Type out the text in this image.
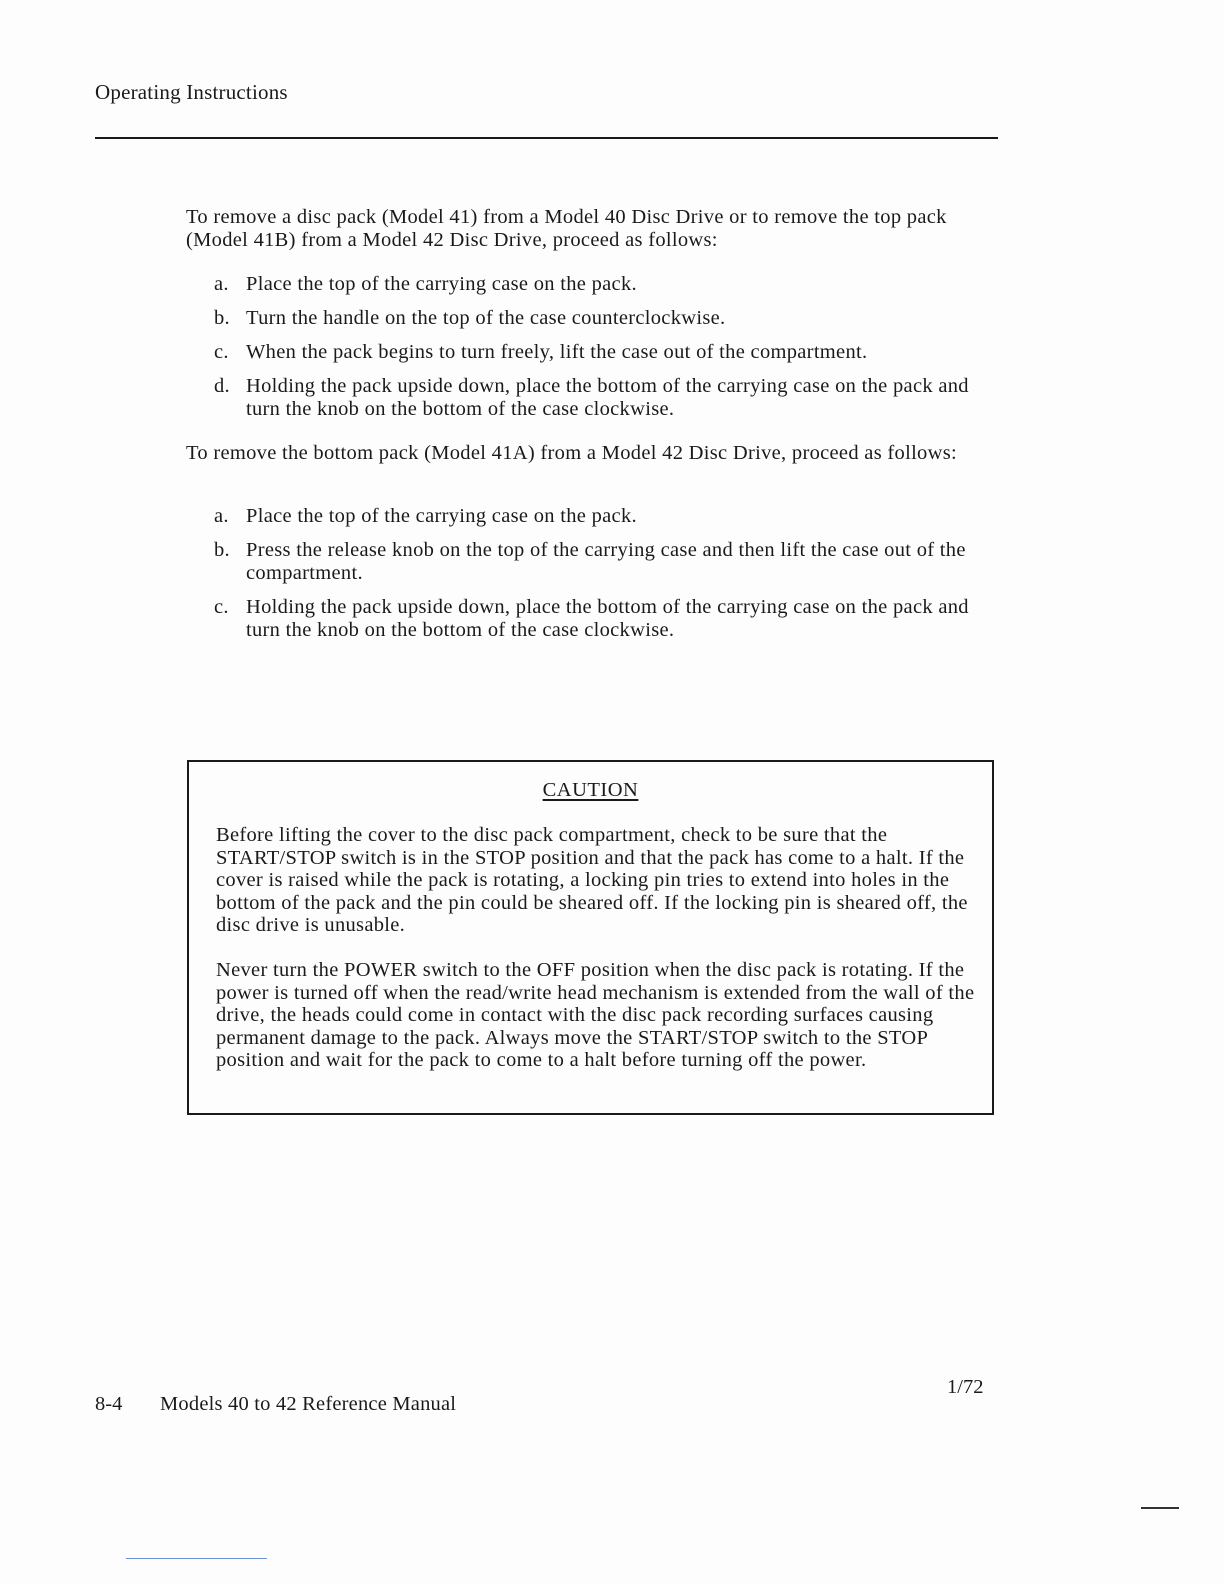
Operating Instructions

To remove a disc pack (Model 41) from a Model 40 Disc Drive or to remove the top pack (Model 41B) from a Model 42 Disc Drive, proceed as follows:

a. Place the top of the carrying case on the pack.
b. Turn the handle on the top of the case counterclockwise.
c. When the pack begins to turn freely, lift the case out of the compartment.
d. Holding the pack upside down, place the bottom of the carrying case on the pack and turn the knob on the bottom of the case clockwise.

To remove the bottom pack (Model 41A) from a Model 42 Disc Drive, proceed as follows:

a. Place the top of the carrying case on the pack.
b. Press the release knob on the top of the carrying case and then lift the case out of the compartment.
c. Holding the pack upside down, place the bottom of the carrying case on the pack and turn the knob on the bottom of the case clockwise.
CAUTION

Before lifting the cover to the disc pack compartment, check to be sure that the START/STOP switch is in the STOP position and that the pack has come to a halt. If the cover is raised while the pack is rotating, a locking pin tries to extend into holes in the bottom of the pack and the pin could be sheared off. If the locking pin is sheared off, the disc drive is unusable.

Never turn the POWER switch to the OFF position when the disc pack is rotating. If the power is turned off when the read/write head mechanism is extended from the wall of the drive, the heads could come in contact with the disc pack recording surfaces causing permanent damage to the pack. Always move the START/STOP switch to the STOP position and wait for the pack to come to a halt before turning off the power.

8-4 Models 40 to 42 Reference Manual
1/72
